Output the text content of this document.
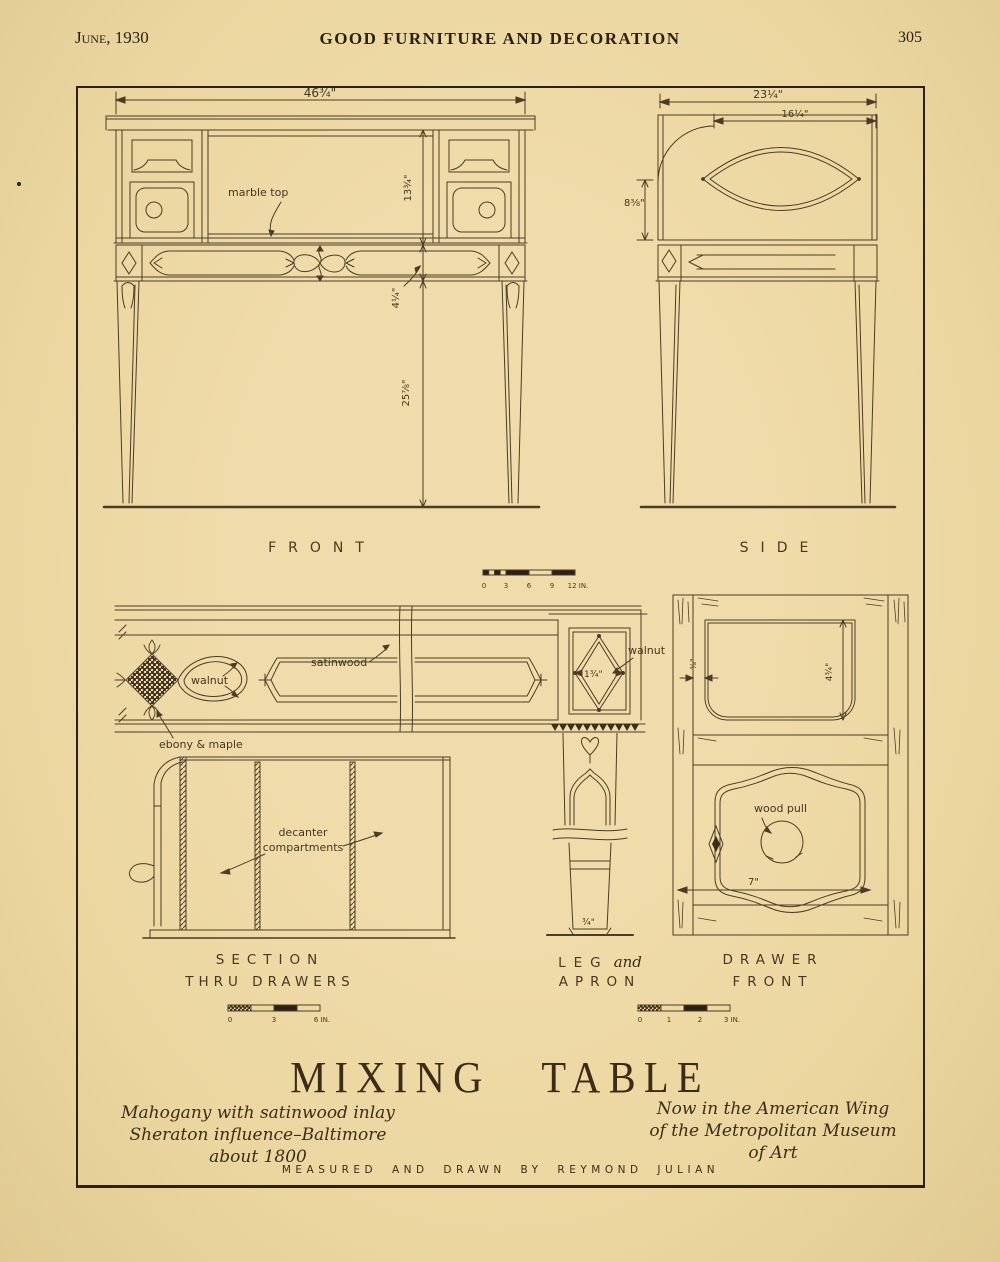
June, 1930	GOOD FURNITURE AND DECORATION	305
46¾"
marble top	13¾"
4¼"
25⅞"
23¼"
16¼"
8⅜"
FRONT	SIDE
0	3	6	9 12 IN.
walnut
ebony & maple
satinwood
1¾"
walnut
¾"
decanter
compartments
4¾"
⅜"
wood pull
7"
SECTION
THRU DRAWERS
LEG and
APRON
DRAWER
FRONT
0	3	6 IN.	0	1	2	3 IN.
MIXING TABLE
Mahogany with satinwood inlay
Sheraton influence–Baltimore
about 1800
Now in the American Wing
of the Metropolitan Museum
of Art
MEASURED AND DRAWN BY REYMOND JULIAN
